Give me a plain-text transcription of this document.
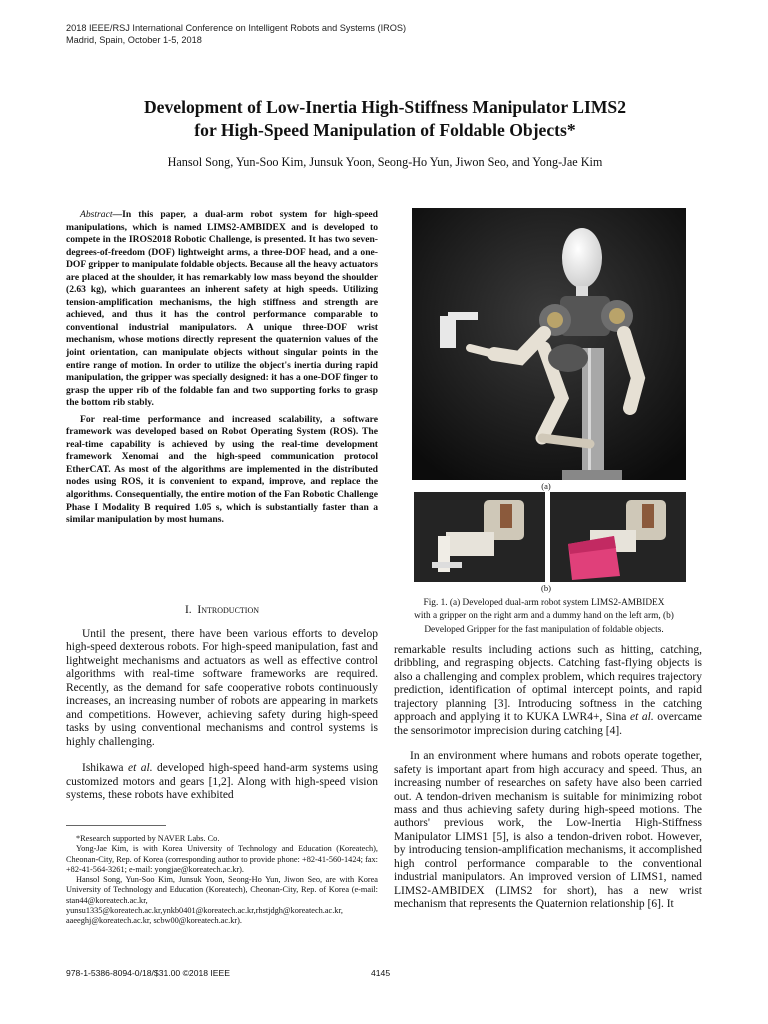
2018 IEEE/RSJ International Conference on Intelligent Robots and Systems (IROS)
Madrid, Spain, October 1-5, 2018
Development of Low-Inertia High-Stiffness Manipulator LIMS2
for High-Speed Manipulation of Foldable Objects*
Hansol Song, Yun-Soo Kim, Junsuk Yoon, Seong-Ho Yun, Jiwon Seo, and Yong-Jae Kim

Abstract—In this paper, a dual-arm robot system for high-speed manipulations, which is named LIMS2-AMBIDEX and is developed to compete in the IROS2018 Robotic Challenge, is presented. It has two seven-degrees-of-freedom (DOF) lightweight arms, a three-DOF head, and a one-DOF gripper to manipulate foldable objects. Because all the heavy actuators are placed at the shoulder, it has remarkably low mass beyond the shoulder (2.63 kg), which guarantees an inherent safety at high speeds. Utilizing tension-amplification mechanisms, the high stiffness and strength are achieved, and thus it has the control performance comparable to conventional industrial manipulators. A unique three-DOF wrist mechanism, whose motions directly represent the quaternion values of the joint orientation, can manipulate objects without singular points in the entire range of motion. In order to utilize the object's inertia during rapid manipulation, the gripper was specially designed: it has a one-DOF finger to grasp the upper rib of the foldable fan and two supporting forks to grasp the bottom rib stably.

For real-time performance and increased scalability, a software framework was developed based on Robot Operating System (ROS). The real-time capability is achieved by using the real-time development framework Xenomai and the high-speed communication protocol EtherCAT. As most of the algorithms are implemented in the distributed nodes using ROS, it is convenient to expand, improve, and replace the algorithms. Consequentially, the entire motion of the Fan Robotic Challenge Phase I Modality B required 1.05 s, which is substantially faster than a similar manipulation by most humans.

I. Introduction

Until the present, there have been various efforts to develop high-speed dexterous robots. For high-speed manipulation, fast and lightweight mechanisms and actuators as well as effective control algorithms with real-time software frameworks are required. Recently, as the demand for safe cooperative robots continuously increases, an increasing number of robots are appearing in markets and competitions. However, achieving safety during high-speed tasks by using conventional mechanisms and control systems is highly challenging.

Ishikawa et al. developed high-speed hand-arm systems using customized motors and gears [1,2]. Along with high-speed vision systems, these robots have exhibited

*Research supported by NAVER Labs. Co.

Yong-Jae Kim, is with Korea University of Technology and Education (Koreatech), Cheonan-City, Rep. of Korea (corresponding author to provide phone: +82-41-560-1424; fax: +82-41-564-3261; e-mail: yongjae@koreatech.ac.kr).

Hansol Song, Yun-Soo Kim, Junsuk Yoon, Seong-Ho Yun, Jiwon Seo, are with Korea University of Technology and Education (Koreatech), Cheonan-City, Rep. of Korea (e-mail: stan44@koreatech.ac.kr, yunsu1335@koreatech.ac.kr,ynkb0401@koreatech.ac.kr,rhstjdgh@koreatech.ac.kr, aaeeghj@koreatech.ac.kr, scbw00@koreatech.ac.kr).

978-1-5386-8094-0/18/$31.00 ©2018 IEEE	4145
(a)
(b)
Fig. 1. (a) Developed dual-arm robot system LIMS2-AMBIDEX
with a gripper on the right arm and a dummy hand on the left arm, (b)
Developed Gripper for the fast manipulation of foldable objects.

remarkable results including actions such as hitting, catching, dribbling, and regrasping objects. Catching fast-flying objects is also a challenging and complex problem, which requires trajectory prediction, identification of optimal intercept points, and rapid trajectory planning [3]. Introducing softness in the catching approach and applying it to KUKA LWR4+, Sina et al. overcame the sensorimotor imprecision during catching [4].

In an environment where humans and robots operate together, safety is important apart from high accuracy and speed. Thus, an increasing number of researches on safety have also been carried out. A tendon-driven mechanism is suitable for minimizing robot mass and thus achieving safety during high-speed motions. The authors' previous work, the Low-Inertia High-Stiffness Manipulator LIMS1 [5], is also a tendon-driven robot. However, by introducing tension-amplification mechanisms, it accomplished high control performance comparable to the conventional industrial manipulators. An improved version of LIMS1, named LIMS2-AMBIDEX (LIMS2 for short), has a new wrist mechanism that represents the Quaternion relationship [6]. It
